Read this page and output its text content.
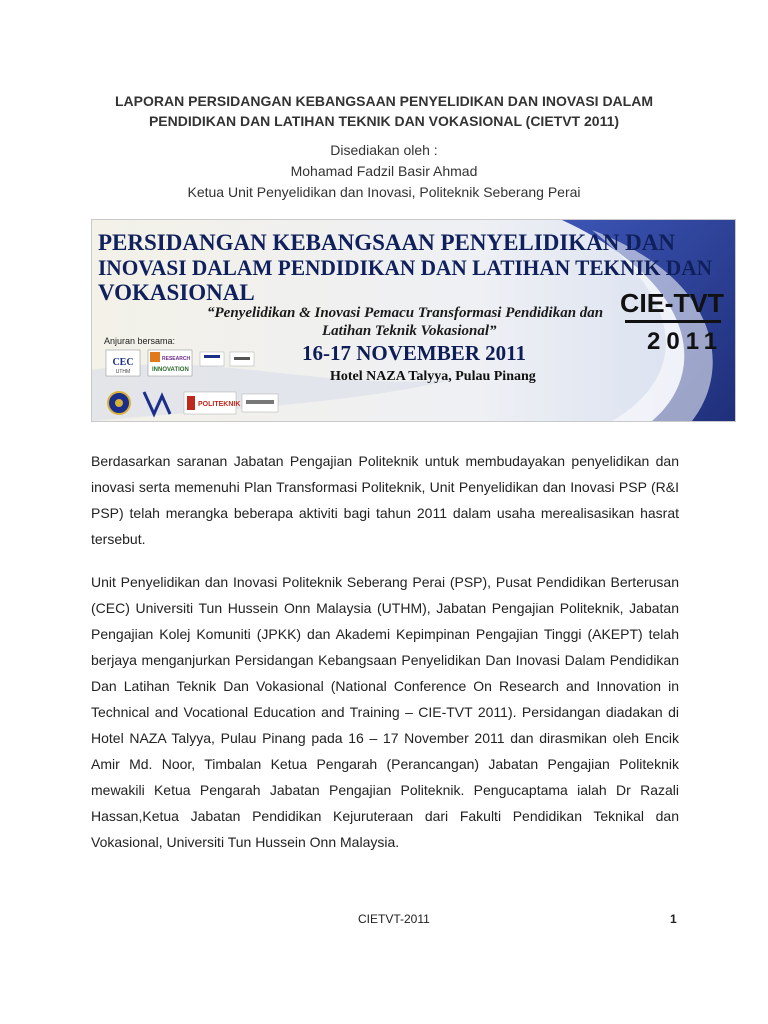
LAPORAN PERSIDANGAN KEBANGSAAN PENYELIDIKAN DAN INOVASI DALAM
PENDIDIKAN DAN LATIHAN TEKNIK DAN VOKASIONAL (CIETVT 2011)
Disediakan oleh :
Mohamad Fadzil Basir Ahmad
Ketua Unit Penyelidikan dan Inovasi, Politeknik Seberang Perai
PERSIDANGAN KEBANGSAAN PENYELIDIKAN DAN
INOVASI DALAM PENDIDIKAN DAN LATIHAN TEKNIK DAN
VOKASIONAL
“Penyelidikan & Inovasi Pemacu Transformasi Pendidikan dan
Latihan Teknik Vokasional”
Anjuran bersama:
CEC
UTHM
RESEARCH
INNOVATION
POLITEKNIK
16-17 NOVEMBER 2011
Hotel NAZA Talyya, Pulau Pinang
CIE-TVT
2011

Berdasarkan saranan Jabatan Pengajian Politeknik untuk membudayakan penyelidikan dan inovasi serta memenuhi Plan Transformasi Politeknik, Unit Penyelidikan dan Inovasi PSP (R&I PSP) telah merangka beberapa aktiviti bagi tahun 2011 dalam usaha merealisasikan hasrat tersebut.

Unit Penyelidikan dan Inovasi Politeknik Seberang Perai (PSP), Pusat Pendidikan Berterusan (CEC) Universiti Tun Hussein Onn Malaysia (UTHM), Jabatan Pengajian Politeknik, Jabatan Pengajian Kolej Komuniti (JPKK) dan Akademi Kepimpinan Pengajian Tinggi (AKEPT) telah berjaya menganjurkan Persidangan Kebangsaan Penyelidikan Dan Inovasi Dalam Pendidikan Dan Latihan Teknik Dan Vokasional (National Conference On Research and Innovation in Technical and Vocational Education and Training – CIE-TVT 2011). Persidangan diadakan di Hotel NAZA Talyya, Pulau Pinang pada 16 – 17 November 2011 dan dirasmikan oleh Encik Amir Md. Noor, Timbalan Ketua Pengarah (Perancangan) Jabatan Pengajian Politeknik mewakili Ketua Pengarah Jabatan Pengajian Politeknik. Pengucaptama ialah Dr Razali Hassan,Ketua Jabatan Pendidikan Kejuruteraan dari Fakulti Pendidikan Teknikal dan Vokasional, Universiti Tun Hussein Onn Malaysia.

CIETVT-2011	1
